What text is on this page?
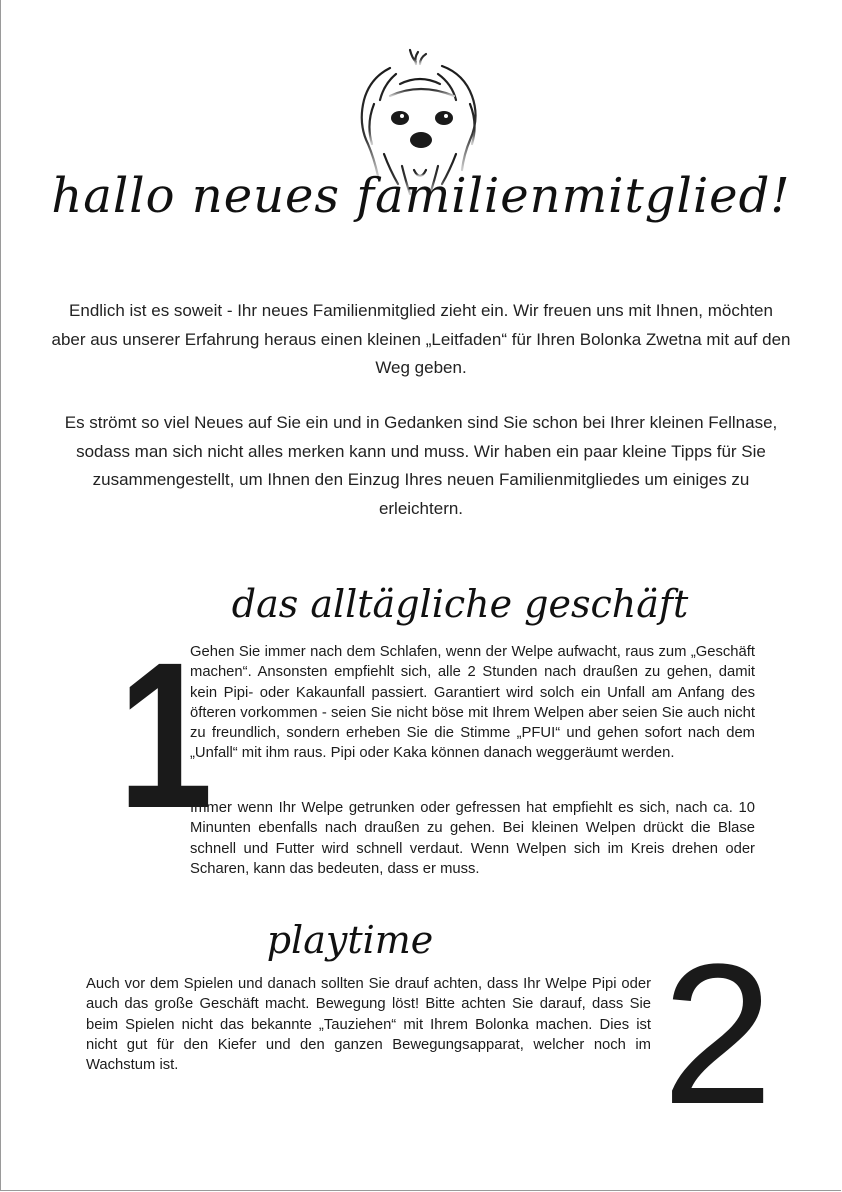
hallo neues familienmitglied!

Endlich ist es soweit - Ihr neues Familienmitglied zieht ein. Wir freuen uns mit Ihnen, möchten aber aus unserer Erfahrung heraus einen kleinen „Leitfaden“ für Ihren Bolonka Zwetna mit auf den Weg geben.

Es strömt so viel Neues auf Sie ein und in Gedanken sind Sie schon bei Ihrer kleinen Fellnase, sodass man sich nicht alles merken kann und muss. Wir haben ein paar kleine Tipps für Sie zusammengestellt, um Ihnen den Einzug Ihres neuen Familienmitgliedes um einiges zu erleichtern.

1
das alltägliche geschäft

Gehen Sie immer nach dem Schlafen, wenn der Welpe aufwacht, raus zum „Geschäft machen“. Ansonsten empfiehlt sich, alle 2 Stunden nach draußen zu gehen, damit kein Pipi- oder Kakaunfall passiert. Garantiert wird solch ein Unfall am Anfang des öfteren vorkommen - seien Sie nicht böse mit Ihrem Welpen aber seien Sie auch nicht zu freundlich, sondern erheben Sie die Stimme „PFUI“ und gehen sofort nach dem „Unfall“ mit ihm raus. Pipi oder Kaka können danach weggeräumt werden.

Immer wenn Ihr Welpe getrunken oder gefressen hat empfiehlt es sich, nach ca. 10 Minunten ebenfalls nach draußen zu gehen. Bei kleinen Welpen drückt die Blase schnell und Futter wird schnell verdaut. Wenn Welpen sich im Kreis drehen oder Scharen, kann das bedeuten, dass er muss.

playtime

Auch vor dem Spielen und danach sollten Sie drauf achten, dass Ihr Welpe Pipi oder auch das große Geschäft macht. Bewegung löst! Bitte achten Sie darauf, dass Sie beim Spielen nicht das bekannte „Tauziehen“ mit Ihrem Bolonka machen. Dies ist nicht gut für den Kiefer und den ganzen Bewegungsapparat, welcher noch im Wachstum ist.	2
